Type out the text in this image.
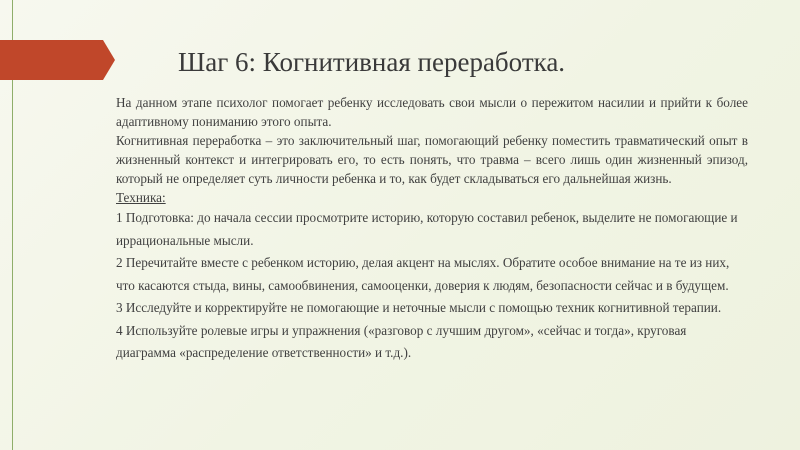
Шаг 6: Когнитивная переработка.

На данном этапе психолог помогает ребенку исследовать свои мысли о пережитом насилии и прийти к более адаптивному пониманию этого опыта.

Когнитивная переработка – это заключительный шаг, помогающий ребенку поместить травматический опыт в жизненный контекст и интегрировать его, то есть понять, что травма – всего лишь один жизненный эпизод, который не определяет суть личности ребенка и то, как будет складываться его дальнейшая жизнь.

Техника:

1 Подготовка: до начала сессии просмотрите историю, которую составил ребенок, выделите не помогающие и иррациональные мысли.

2 Перечитайте вместе с ребенком историю, делая акцент на мыслях. Обратите особое внимание на те из них, что касаются стыда, вины, самообвинения, самооценки, доверия к людям, безопасности сейчас и в будущем.

3 Исследуйте и корректируйте не помогающие и неточные мысли с помощью техник когнитивной терапии.

4 Используйте ролевые игры и упражнения («разговор с лучшим другом», «сейчас и тогда», круговая диаграмма «распределение ответственности» и т.д.).
